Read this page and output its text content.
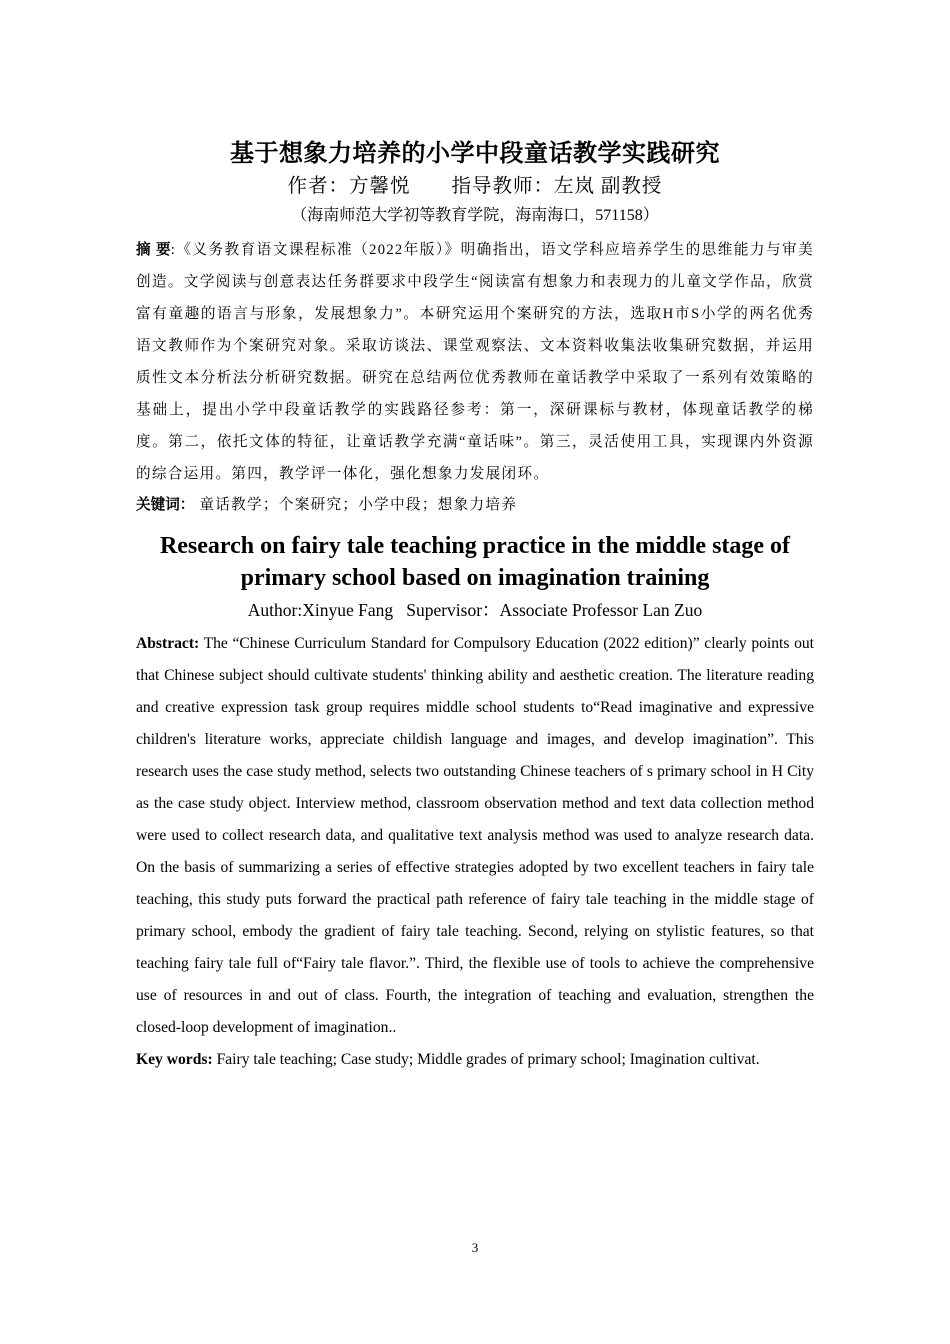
基于想象力培养的小学中段童话教学实践研究

作者：方馨悦　　指导教师：左岚 副教授

（海南师范大学初等教育学院，海南海口，571158）

摘 要:《义务教育语文课程标准（2022年版）》明确指出，语文学科应培养学生的思维能力与审美创造。文学阅读与创意表达任务群要求中段学生“阅读富有想象力和表现力的儿童文学作品，欣赏富有童趣的语言与形象，发展想象力”。本研究运用个案研究的方法，选取H市S小学的两名优秀语文教师作为个案研究对象。采取访谈法、课堂观察法、文本资料收集法收集研究数据，并运用质性文本分析法分析研究数据。研究在总结两位优秀教师在童话教学中采取了一系列有效策略的基础上，提出小学中段童话教学的实践路径参考：第一，深研课标与教材，体现童话教学的梯度。第二，依托文体的特征，让童话教学充满“童话味”。第三，灵活使用工具，实现课内外资源的综合运用。第四，教学评一体化，强化想象力发展闭环。

关键词： 童话教学；个案研究；小学中段；想象力培养

Research on fairy tale teaching practice in the middle stage of primary school based on imagination training

Author:Xinyue Fang   Supervisor：Associate Professor Lan Zuo

Abstract: The “Chinese Curriculum Standard for Compulsory Education (2022 edition)” clearly points out that Chinese subject should cultivate students' thinking ability and aesthetic creation. The literature reading and creative expression task group requires middle school students to“Read imaginative and expressive children's literature works, appreciate childish language and images, and develop imagination”. This research uses the case study method, selects two outstanding Chinese teachers of s primary school in H City as the case study object. Interview method, classroom observation method and text data collection method were used to collect research data, and qualitative text analysis method was used to analyze research data. On the basis of summarizing a series of effective strategies adopted by two excellent teachers in fairy tale teaching, this study puts forward the practical path reference of fairy tale teaching in the middle stage of primary school, embody the gradient of fairy tale teaching. Second, relying on stylistic features, so that teaching fairy tale full of“Fairy tale flavor.”. Third, the flexible use of tools to achieve the comprehensive use of resources in and out of class. Fourth, the integration of teaching and evaluation, strengthen the closed-loop development of imagination..

Key words: Fairy tale teaching; Case study; Middle grades of primary school; Imagination cultivat.

3
